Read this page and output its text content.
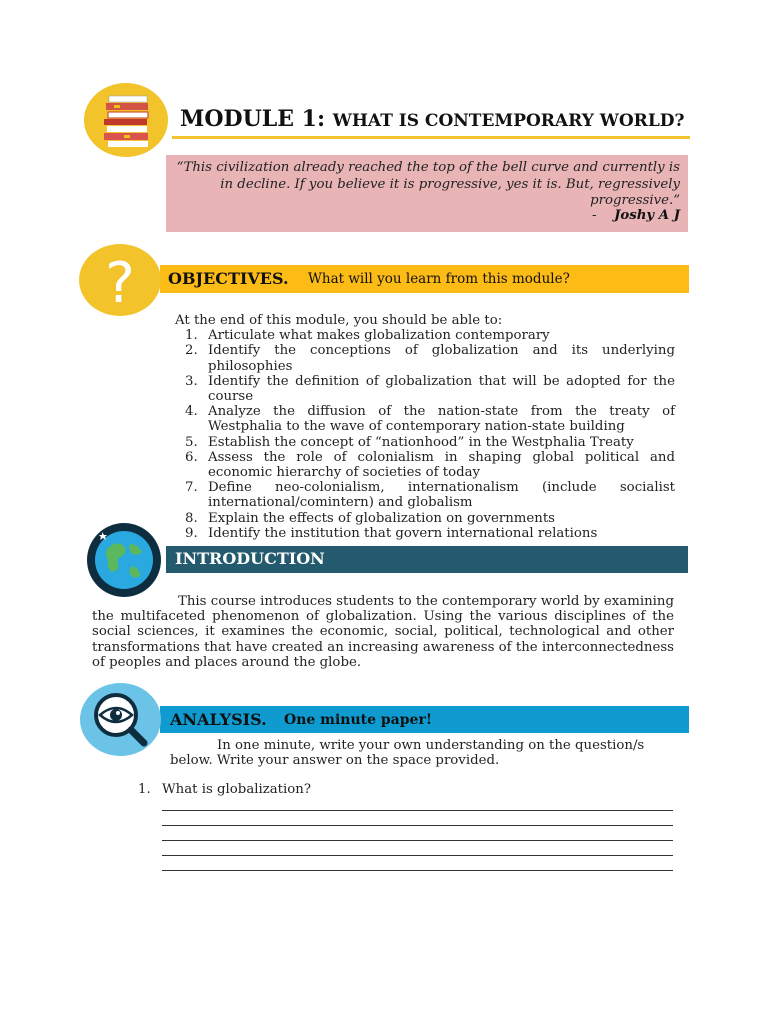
MODULE 1: WHAT IS CONTEMPORARY WORLD?
“This civilization already reached the top of the bell curve and currently is in decline. If you believe it is progressive, yes it is. But, regressively progressive.”
- Joshy A J
OBJECTIVES. What will you learn from this module?
?
At the end of this module, you should be able to:
1. Articulate what makes globalization contemporary
2. Identify the conceptions of globalization and its underlying philosophies
3. Identify the definition of globalization that will be adopted for the course
4. Analyze the diffusion of the nation-state from the treaty of Westphalia to the wave of contemporary nation-state building
5. Establish the concept of “nationhood” in the Westphalia Treaty
6. Assess the role of colonialism in shaping global political and economic hierarchy of societies of today
7. Define neo-colonialism, internationalism (include socialist international/comintern) and globalism
8. Explain the effects of globalization on governments
9. Identify the institution that govern international relations
INTRODUCTION
This course introduces students to the contemporary world by examining the multifaceted phenomenon of globalization. Using the various disciplines of the social sciences, it examines the economic, social, political, technological and other transformations that have created an increasing awareness of the interconnectedness of peoples and places around the globe.
ANALYSIS. One minute paper!
In one minute, write your own understanding on the question/s below. Write your answer on the space provided.
1. What is globalization?
